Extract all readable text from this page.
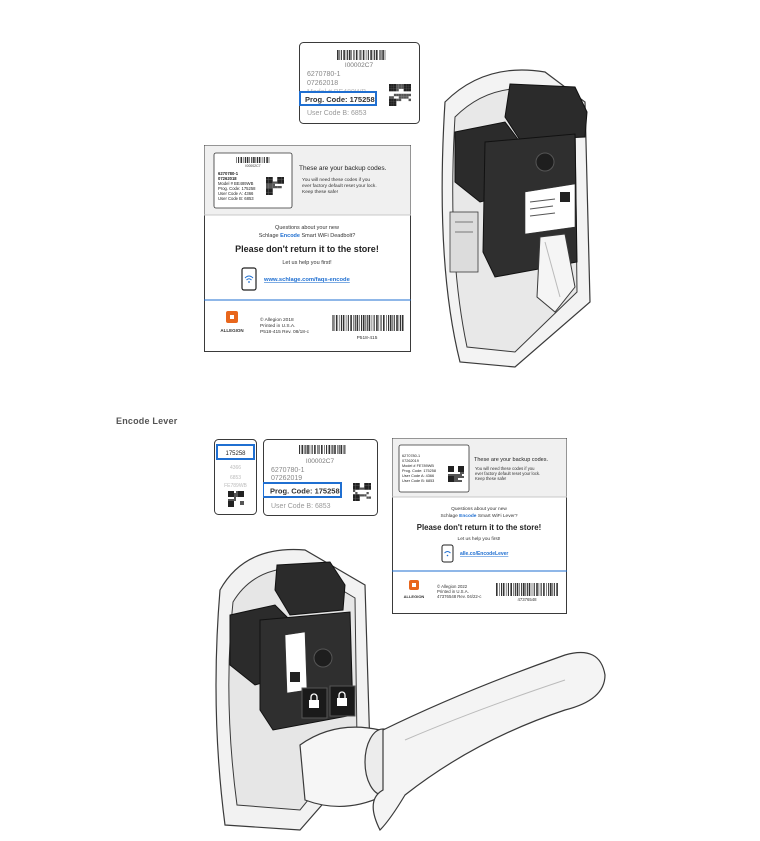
I00002C7
6270780-1
07262018
Prog. Code: 175258
User Code B: 6853
I00002C7
6270780-1
07262018
Model # BE489WB
Prog. Code: 175258
User Code A: 4366
User Code B: 6853
These are your backup codes.
You will need these codes if you
ever factory default reset your lock.
Keep these safe!
Questions about your new
Schlage Encode Smart WiFi Deadbolt?
Please don't return it to the store!
Let us help you first!
www.schlage.com/faqs-encode
ALLEGION
© Allegion 2018
Printed in U.S.A.
P518-415 Rev. 08/18-c
P518-415
Encode Lever
175258
4366
6853
FE789WB
I00002C7
6270780-1
07262019
Prog. Code: 175258
User Code B: 6853
6270780-1
07262019
Model # FE789WB
Prog. Code: 175258
User Code A: 4366
User Code B: 6853
These are your backup codes.
You will need these codes if you
ever factory default reset your lock.
Keep these safe!
Questions about your new
Schlage Encode Smart WiFi Lever?
Please don't return it to the store!
Let us help you first!
alle.co/EncodeLever
ALLEGION
© Allegion 2022
Printed in U.S.A.
47376548 Rev. 04/22-c
47376548
